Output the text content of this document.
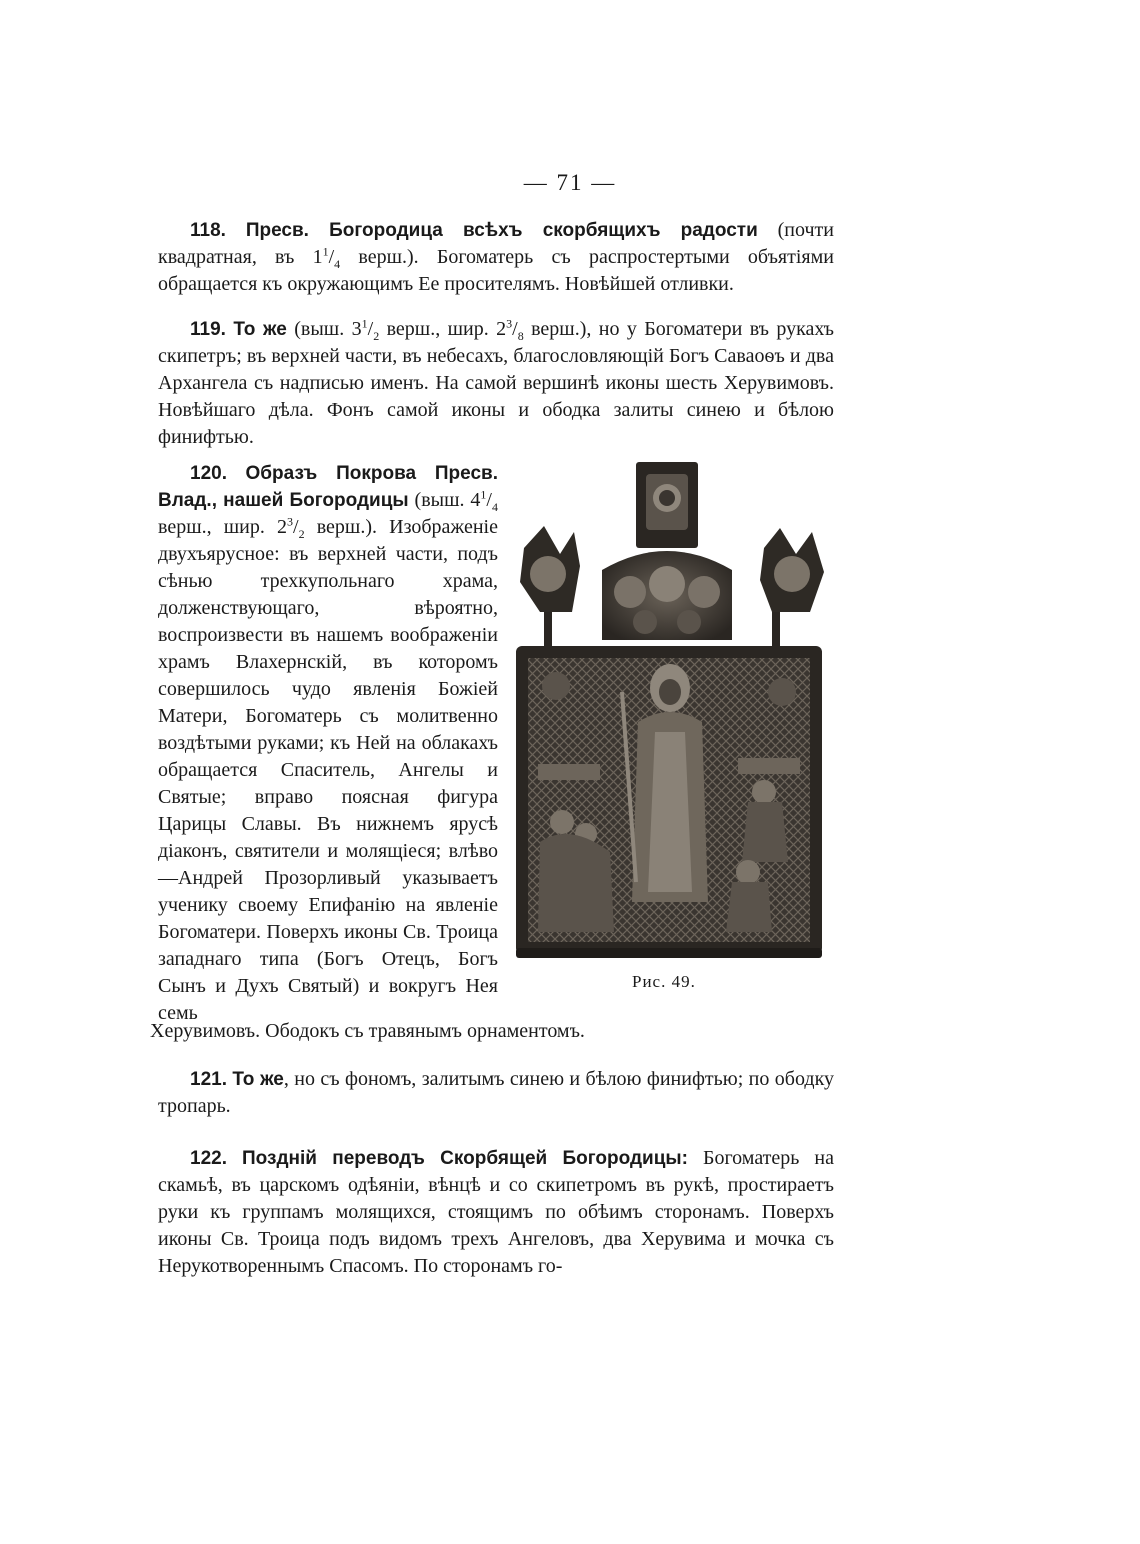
— 71 —

118. Пресв. Богородица всѣхъ скорбящихъ радости (почти квадратная, въ $1^1/_4$ верш.). Богоматерь съ распростертыми объятіями обращается къ окружающимъ Ее просителямъ. Новѣйшей отливки.

119. То же (выш. $3^1/_2$ верш., шир. $2^3/_8$ верш.), но у Богоматери въ рукахъ скипетръ; въ верхней части, въ небесахъ, благословляющій Богъ Саваоѳъ и два Архангела съ надписью именъ. На самой вершинѣ иконы шесть Херувимовъ. Новѣйшаго дѣла. Фонъ самой иконы и ободка залиты синею и бѣлою финифтью.

120. Образъ Покрова Пресв. Влад., нашей Богородицы (выш. $4^1/_4$ верш., шир. $2^3/_2$ верш.). Изображеніе двухъярусное: въ верхней части, подъ сѣнью трехкупольнаго храма, долженствующаго, вѣроятно, воспроизвести въ нашемъ воображеніи храмъ Влахернскій, въ которомъ совершилось чудо явленія Божіей Матери, Богоматерь съ молитвенно воздѣтыми руками; къ Ней на облакахъ обращается Спаситель, Ангелы и Святые; вправо поясная фигура Царицы Славы. Въ нижнемъ ярусѣ діаконъ, святители и молящіеся; влѣво—Андрей Прозорливый указываетъ ученику своему Епифанію на явленіе Богоматери. Поверхъ иконы Св. Троица западнаго типа (Богъ Отецъ, Богъ Сынъ и Духъ Святый) и вокругъ Нея семь

Херувимовъ. Ободокъ съ травянымъ орнаментомъ.
Рис. 49.

121. То же, но съ фономъ, залитымъ синею и бѣлою финифтью; по ободку тропарь.

122. Поздній переводъ Скорбящей Богородицы: Богоматерь на скамьѣ, въ царскомъ одѣяніи, вѣнцѣ и со скипетромъ въ рукѣ, простираетъ руки къ группамъ молящихся, стоящимъ по обѣимъ сторонамъ. Поверхъ иконы Св. Троица подъ видомъ трехъ Ангеловъ, два Херувима и мочка съ Нерукотвореннымъ Спасомъ. По сторонамъ го-
